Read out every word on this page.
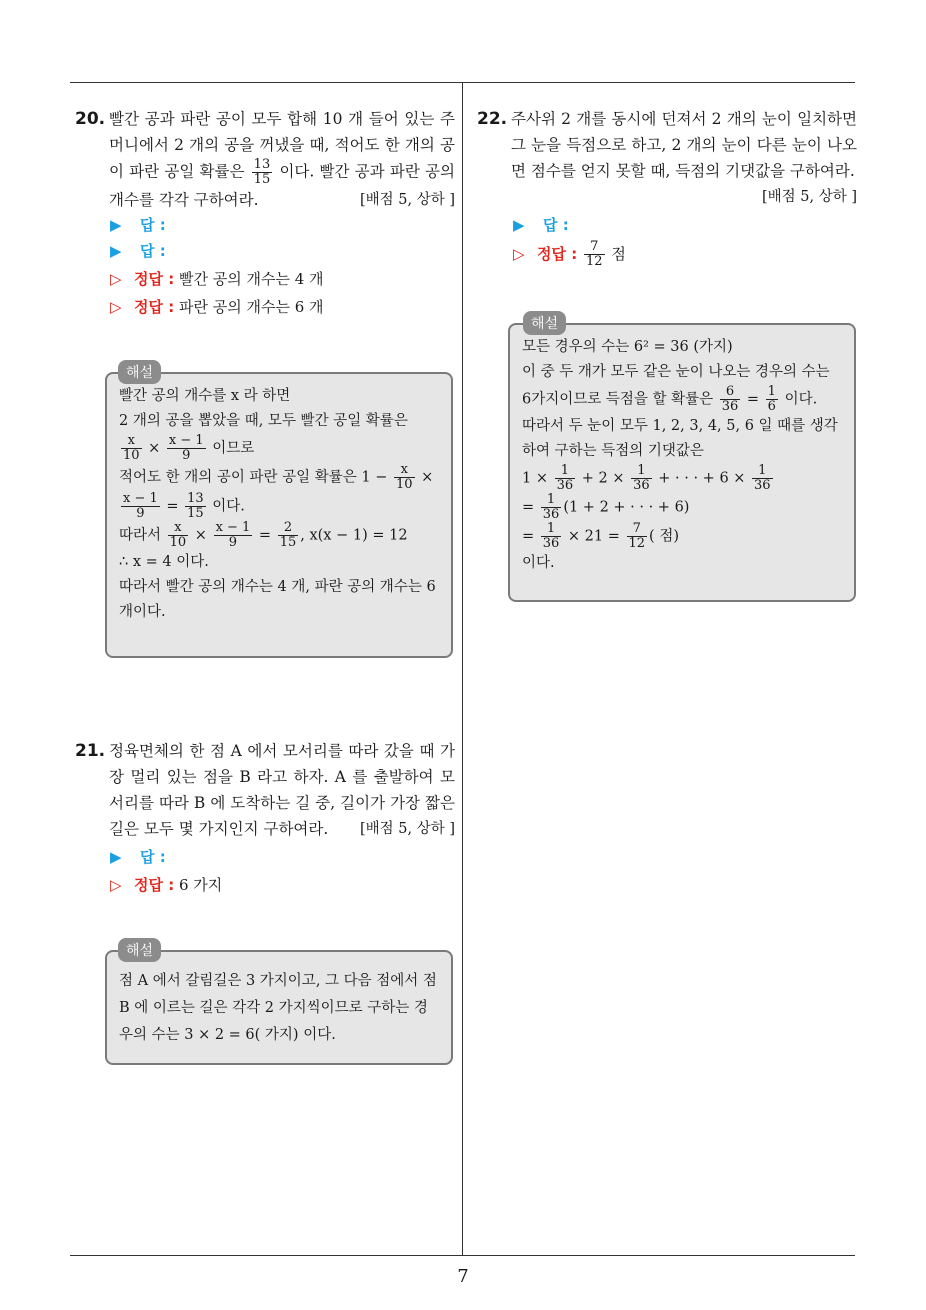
7
20. 빨간 공과 파란 공이 모두 합해 10 개 들어 있는 주머니에서 2 개의 공을 꺼냈을 때, 적어도 한 개의 공이 파란 공일 확률은 $\frac{13}{15}$ 이다. 빨간 공과 파란 공의 개수를 각각 구하여라.	[배점 5, 상하 ]
▶ 답 :
▶ 답 :
▷ 정답 : 빨간 공의 개수는 4 개
▷ 정답 : 파란 공의 개수는 6 개
빨간 공의 개수를 x 라 하면
2 개의 공을 뽑았을 때, 모두 빨간 공일 확률은
$\frac{x}{10} \times \frac{x - 1}{9}$ 이므로
적어도 한 개의 공이 파란 공일 확률은 $1 - \frac{x}{10}$ ×
$\frac{x - 1}{9} = \frac{13}{15}$ 이다.
따라서 $\frac{x}{10} \times \frac{x - 1}{9} = \frac{2}{15}$ , x(x − 1) = 12
∴ x = 4 이다.
따라서 빨간 공의 개수는 4 개, 파란 공의 개수는 6 개이다.
해설
21. 정육면체의 한 점 A 에서 모서리를 따라 갔을 때 가장 멀리 있는 점을 B 라고 하자. A 를 출발하여 모서리를 따라 B 에 도착하는 길 중, 길이가 가장 짧은 길은 모두 몇 가지인지 구하여라.	[배점 5, 상하 ]
▶ 답 :
▷ 정답 : 6 가지
점 A 에서 갈림길은 3 가지이고, 그 다음 점에서 점 B 에 이르는 길은 각각 2 가지씩이므로 구하는 경우의 수는 3 × 2 = 6( 가지) 이다.
해설
22. 주사위 2 개를 동시에 던져서 2 개의 눈이 일치하면 그 눈을 득점으로 하고, 2 개의 눈이 다른 눈이 나오면 점수를 얻지 못할 때, 득점의 기댓값을 구하여라.
[배점 5, 상하 ]
▶ 답 :
▷ 정답 : $\frac{7}{12}$ 점
모든 경우의 수는 6² = 36 (가지)
이 중 두 개가 모두 같은 눈이 나오는 경우의 수는
6가지이므로 득점을 할 확률은 $\frac{6}{36} = \frac{1}{6}$ 이다.
따라서 두 눈이 모두 1, 2, 3, 4, 5, 6 일 때를 생각하여 구하는 득점의 기댓값은
$1 \times \frac{1}{36} + 2 \times \frac{1}{36}$ + · · · + $6 \times \frac{1}{36}$
= $\frac{1}{36} (1 + 2$ + · · · + 6)
= $\frac{1}{36} \times 21 = \frac{7}{12}$ ( 점)
이다.
해설
